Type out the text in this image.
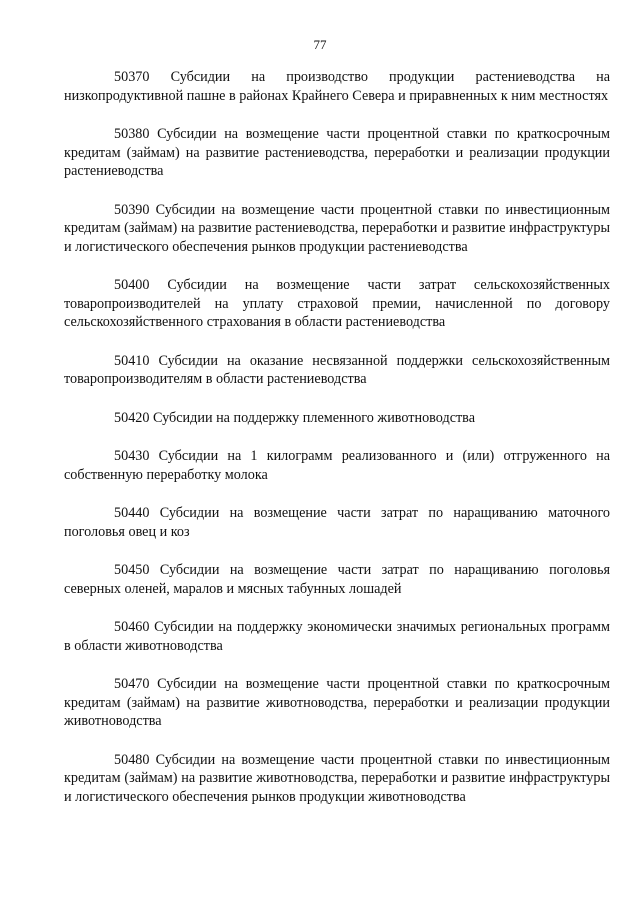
77

50370 Субсидии на производство продукции растениеводства на низкопродуктивной пашне в районах Крайнего Севера и приравненных к ним местностях

50380 Субсидии на возмещение части процентной ставки по краткосрочным кредитам (займам) на развитие растениеводства, переработки и реализации продукции растениеводства

50390 Субсидии на возмещение части процентной ставки по инвестиционным кредитам (займам) на развитие растениеводства, переработки и развитие инфраструктуры и логистического обеспечения рынков продукции растениеводства

50400 Субсидии на возмещение части затрат сельскохозяйственных товаропроизводителей на уплату страховой премии, начисленной по договору сельскохозяйственного страхования в области растениеводства

50410 Субсидии на оказание несвязанной поддержки сельскохозяйственным товаропроизводителям в области растениеводства

50420 Субсидии на поддержку племенного животноводства

50430 Субсидии на 1 килограмм реализованного и (или) отгруженного на собственную переработку молока

50440 Субсидии на возмещение части затрат по наращиванию маточного поголовья овец и коз

50450 Субсидии на возмещение части затрат по наращиванию поголовья северных оленей, маралов и мясных табунных лошадей

50460 Субсидии на поддержку экономически значимых региональных программ в области животноводства

50470 Субсидии на возмещение части процентной ставки по краткосрочным кредитам (займам) на развитие животноводства, переработки и реализации продукции животноводства

50480 Субсидии на возмещение части процентной ставки по инвестиционным кредитам (займам) на развитие животноводства, переработки и развитие инфраструктуры и логистического обеспечения рынков продукции животноводства
